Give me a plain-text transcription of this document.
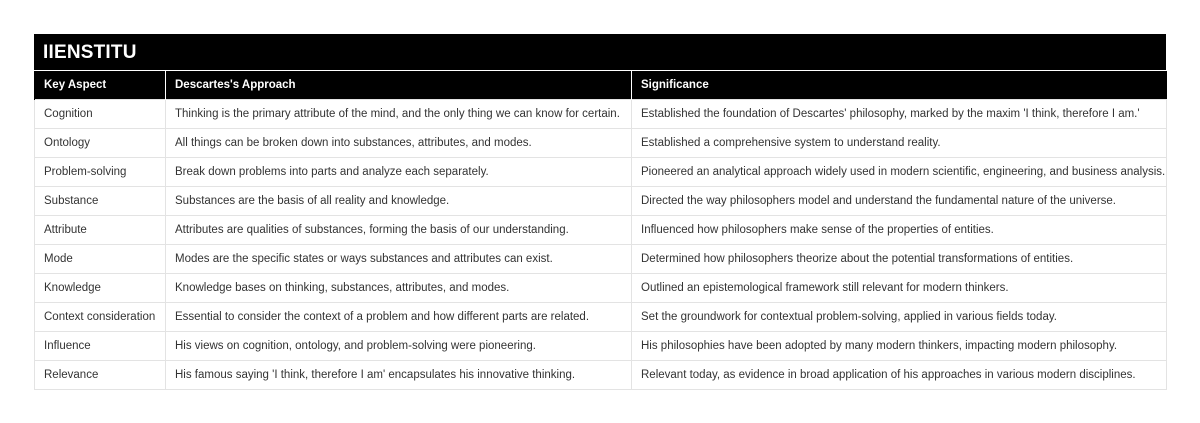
IIENSTITU
Key Aspect	Descartes's Approach	Significance
Cognition	Thinking is the primary attribute of the mind, and the only thing we can know for certain.	Established the foundation of Descartes' philosophy, marked by the maxim 'I think, therefore I am.'
Ontology	All things can be broken down into substances, attributes, and modes.	Established a comprehensive system to understand reality.
Problem-solving	Break down problems into parts and analyze each separately.	Pioneered an analytical approach widely used in modern scientific, engineering, and business analysis.
Substance	Substances are the basis of all reality and knowledge.	Directed the way philosophers model and understand the fundamental nature of the universe.
Attribute	Attributes are qualities of substances, forming the basis of our understanding.	Influenced how philosophers make sense of the properties of entities.
Mode	Modes are the specific states or ways substances and attributes can exist.	Determined how philosophers theorize about the potential transformations of entities.
Knowledge	Knowledge bases on thinking, substances, attributes, and modes.	Outlined an epistemological framework still relevant for modern thinkers.
Context consideration	Essential to consider the context of a problem and how different parts are related.	Set the groundwork for contextual problem-solving, applied in various fields today.
Influence	His views on cognition, ontology, and problem-solving were pioneering.	His philosophies have been adopted by many modern thinkers, impacting modern philosophy.
Relevance	His famous saying 'I think, therefore I am' encapsulates his innovative thinking.	Relevant today, as evidence in broad application of his approaches in various modern disciplines.
